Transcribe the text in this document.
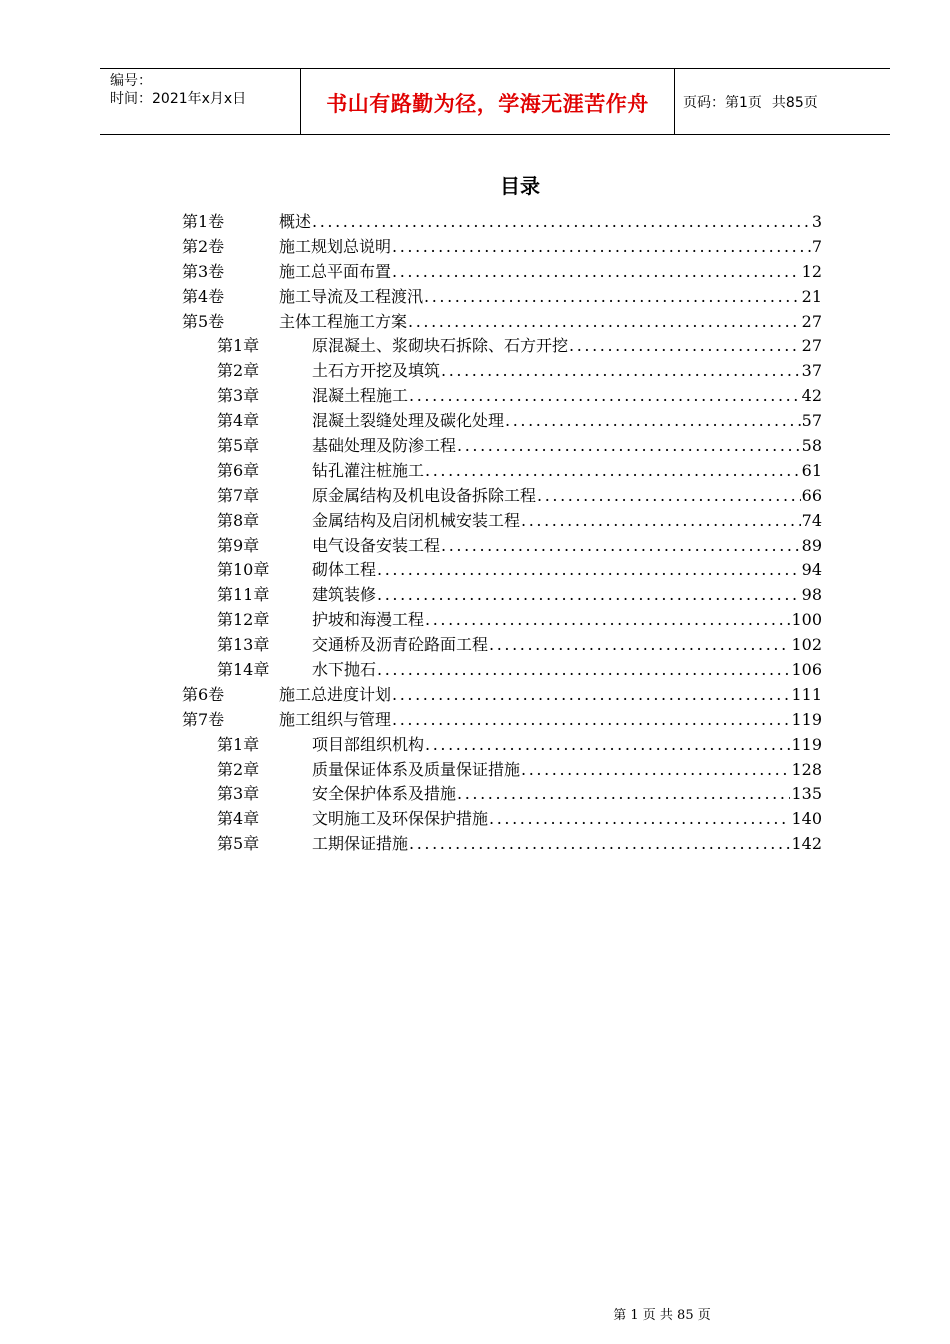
编号：
时间：2021年x月x日	书山有路勤为径，学海无涯苦作舟	页码：第1页 共85页
目录
第1卷	概述 .....	3
第2卷	施工规划总说明 .....	7
第3卷	施工总平面布置 .....	12
第4卷	施工导流及工程渡汛 .....	21
第5卷	主体工程施工方案 .....	27
第1章	原混凝土、浆砌块石拆除、石方开挖 .....	27
第2章	土石方开挖及填筑 .....	37
第3章	混凝土程施工 .....	42
第4章	混凝土裂缝处理及碳化处理 .....	57
第5章	基础处理及防渗工程 .....	58
第6章	钻孔灌注桩施工 .....	61
第7章	原金属结构及机电设备拆除工程 .....	66
第8章	金属结构及启闭机械安装工程 .....	74
第9章	电气设备安装工程 .....	89
第10章	砌体工程 .....	94
第11章	建筑装修 .....	98
第12章	护坡和海漫工程 .....	100
第13章	交通桥及沥青砼路面工程 .....	102
第14章	水下抛石 .....	106
第6卷	施工总进度计划 .....	111
第7卷	施工组织与管理 .....	119
第1章	项目部组织机构 .....	119
第2章	质量保证体系及质量保证措施 .....	128
第3章	安全保护体系及措施 .....	135
第4章	文明施工及环保保护措施 .....	140
第5章	工期保证措施 .....	142
第 1 页 共 85 页
